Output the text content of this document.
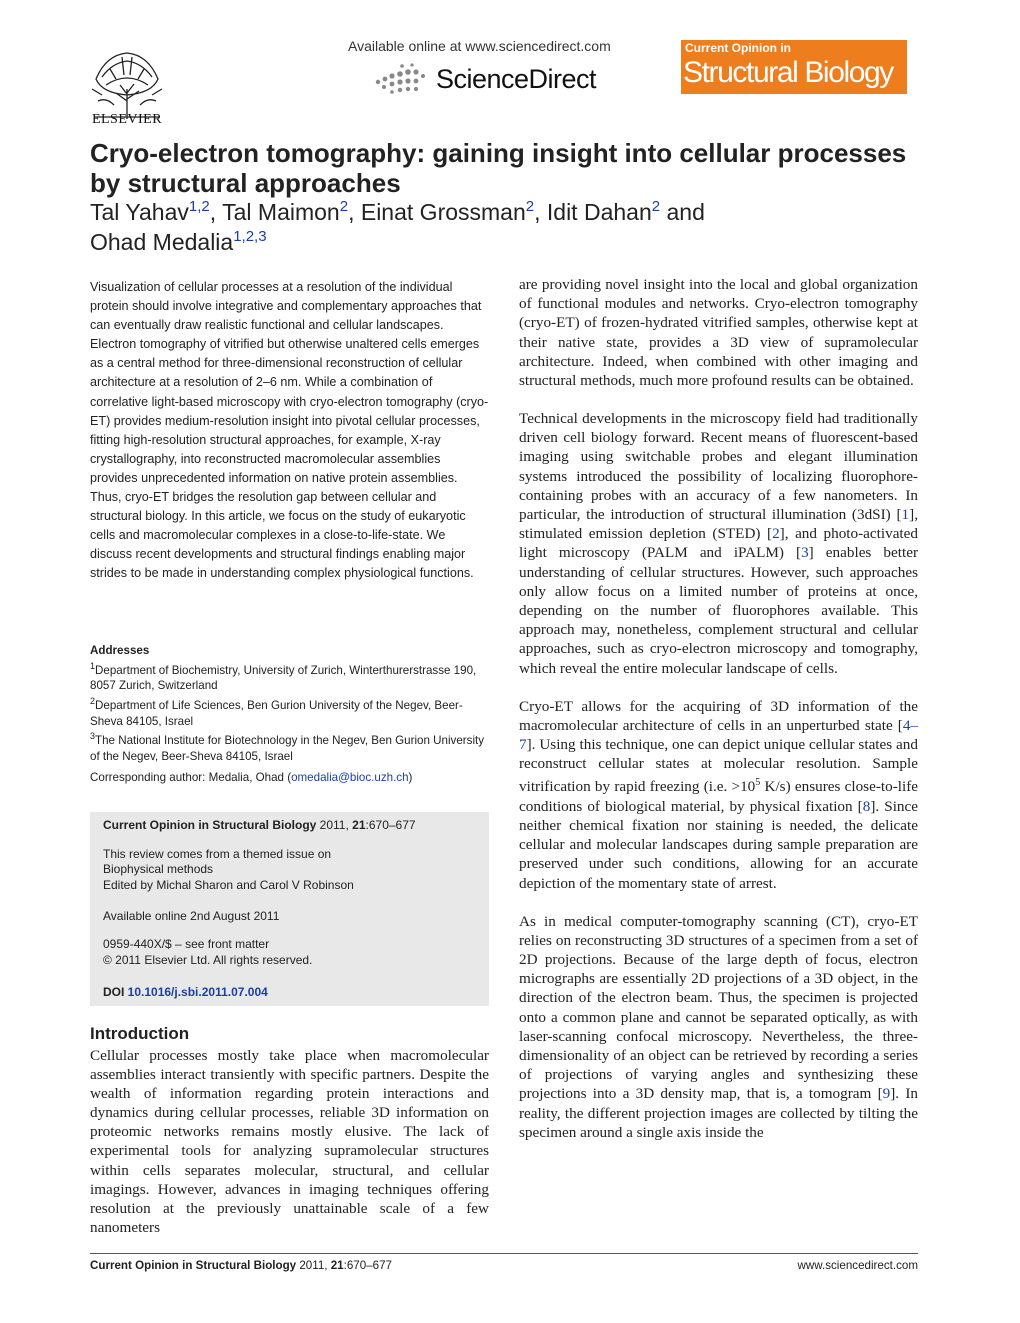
ELSEVIER
Available online at www.sciencedirect.com
ScienceDirect
Current Opinion in
Structural Biology
Cryo-electron tomography: gaining insight into cellular processes by structural approaches
Tal Yahav$^{1,2}$, Tal Maimon$^2$, Einat Grossman$^2$, Idit Dahan$^2$ and
Ohad Medalia$^{1,2,3}$
Visualization of cellular processes at a resolution of the individual protein should involve integrative and complementary approaches that can eventually draw realistic functional and cellular landscapes. Electron tomography of vitrified but otherwise unaltered cells emerges as a central method for three-dimensional reconstruction of cellular architecture at a resolution of 2–6 nm. While a combination of correlative light-based microscopy with cryo-electron tomography (cryo-ET) provides medium-resolution insight into pivotal cellular processes, fitting high-resolution structural approaches, for example, X-ray crystallography, into reconstructed macromolecular assemblies provides unprecedented information on native protein assemblies. Thus, cryo-ET bridges the resolution gap between cellular and structural biology. In this article, we focus on the study of eukaryotic cells and macromolecular complexes in a close-to-life-state. We discuss recent developments and structural findings enabling major strides to be made in understanding complex physiological functions.
Addresses
$^1$Department of Biochemistry, University of Zurich, Winterthurerstrasse 190, 8057 Zurich, Switzerland
$^2$Department of Life Sciences, Ben Gurion University of the Negev, Beer-Sheva 84105, Israel
$^3$The National Institute for Biotechnology in the Negev, Ben Gurion University of the Negev, Beer-Sheva 84105, Israel
Corresponding author: Medalia, Ohad (omedalia@bioc.uzh.ch)
Current Opinion in Structural Biology 2011, 21:670–677
This review comes from a themed issue on
Biophysical methods
Edited by Michal Sharon and Carol V Robinson
Available online 2nd August 2011
0959-440X/$ – see front matter
© 2011 Elsevier Ltd. All rights reserved.
DOI 10.1016/j.sbi.2011.07.004
Introduction
Cellular processes mostly take place when macromolecular assemblies interact transiently with specific partners. Despite the wealth of information regarding protein interactions and dynamics during cellular processes, reliable 3D information on proteomic networks remains mostly elusive. The lack of experimental tools for analyzing supramolecular structures within cells separates molecular, structural, and cellular imagings. However, advances in imaging techniques offering resolution at the previously unattainable scale of a few nanometers

are providing novel insight into the local and global organization of functional modules and networks. Cryo-electron tomography (cryo-ET) of frozen-hydrated vitrified samples, otherwise kept at their native state, provides a 3D view of supramolecular architecture. Indeed, when combined with other imaging and structural methods, much more profound results can be obtained.

Technical developments in the microscopy field had traditionally driven cell biology forward. Recent means of fluorescent-based imaging using switchable probes and elegant illumination systems introduced the possibility of localizing fluorophore-containing probes with an accuracy of a few nanometers. In particular, the introduction of structural illumination (3dSI) [1], stimulated emission depletion (STED) [2], and photo-activated light microscopy (PALM and iPALM) [3] enables better understanding of cellular structures. However, such approaches only allow focus on a limited number of proteins at once, depending on the number of fluorophores available. This approach may, nonetheless, complement structural and cellular approaches, such as cryo-electron microscopy and tomography, which reveal the entire molecular landscape of cells.

Cryo-ET allows for the acquiring of 3D information of the macromolecular architecture of cells in an unperturbed state [4–7]. Using this technique, one can depict unique cellular states and reconstruct cellular states at molecular resolution. Sample vitrification by rapid freezing (i.e. $>10^5$ K/s) ensures close-to-life conditions of biological material, by physical fixation [8]. Since neither chemical fixation nor staining is needed, the delicate cellular and molecular landscapes during sample preparation are preserved under such conditions, allowing for an accurate depiction of the momentary state of arrest.

As in medical computer-tomography scanning (CT), cryo-ET relies on reconstructing 3D structures of a specimen from a set of 2D projections. Because of the large depth of focus, electron micrographs are essentially 2D projections of a 3D object, in the direction of the electron beam. Thus, the specimen is projected onto a common plane and cannot be separated optically, as with laser-scanning confocal microscopy. Nevertheless, the three-dimensionality of an object can be retrieved by recording a series of projections of varying angles and synthesizing these projections into a 3D density map, that is, a tomogram [9]. In reality, the different projection images are collected by tilting the specimen around a single axis inside the

Current Opinion in Structural Biology 2011, 21:670–677	www.sciencedirect.com
